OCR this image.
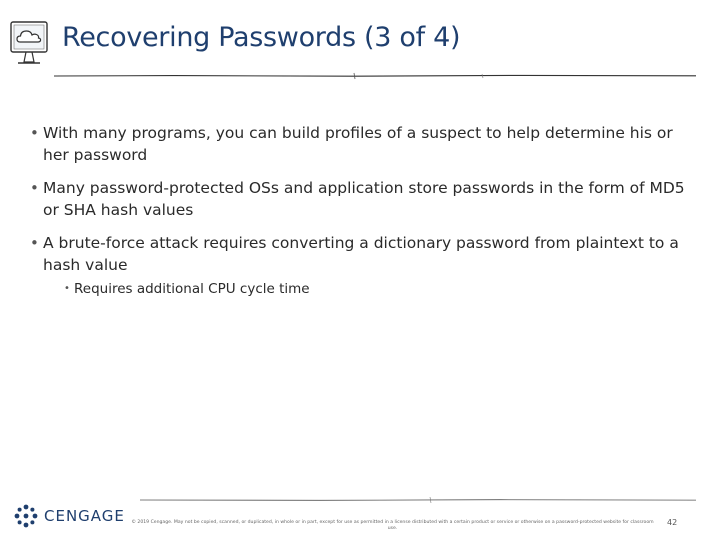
Recovering Passwords (3 of 4)
• With many programs, you can build profiles of a suspect to help determine his or her password
• Many password-protected OSs and application store passwords in the form of MD5 or SHA hash values
• A brute-force attack requires converting a dictionary password from plaintext to a hash value
• Requires additional CPU cycle time
CENGAGE © 2019 Cengage. May not be copied, scanned, or duplicated, in whole or in part, except for use as permitted in a license distributed with a certain product or service or otherwise on a password-protected website for classroom use.
42
